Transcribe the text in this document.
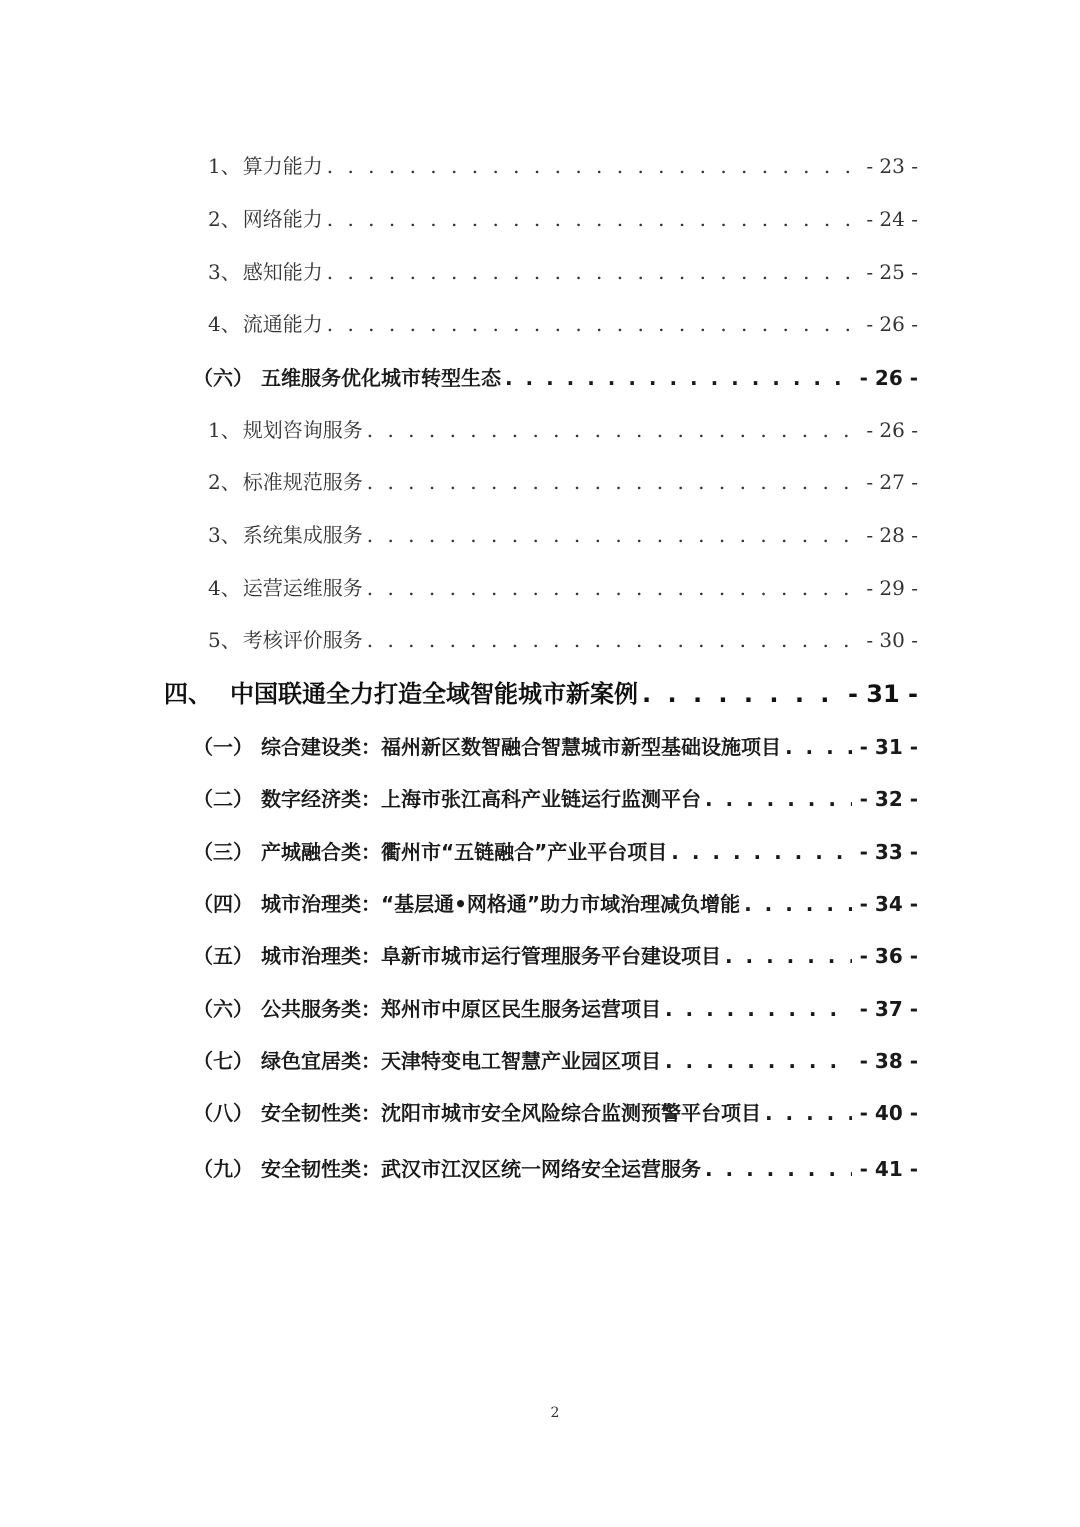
1、 算力能力 . . .	- 23 -
2、 网络能力 . . .	- 24 -
3、 感知能力 . . .	- 25 -
4、 流通能力 . . .	- 26 -
（六） 五维服务优化城市转型生态 . . .	- 26 -
1、 规划咨询服务 . . .	- 26 -
2、 标准规范服务 . . .	- 27 -
3、 系统集成服务 . . .	- 28 -
4、 运营运维服务 . . .	- 29 -
5、 考核评价服务 . . .	- 30 -
四、 中国联通全力打造全域智能城市新案例 . . .	- 31 -
（一） 综合建设类：福州新区数智融合智慧城市新型基础设施项目 . . .	- 31 -
（二） 数字经济类：上海市张江高科产业链运行监测平台 . . .	- 32 -
（三） 产城融合类：衢州市“五链融合”产业平台项目 . . .	- 33 -
（四） 城市治理类：“基层通•网格通”助力市域治理减负增能 . . .	- 34 -
（五） 城市治理类：阜新市城市运行管理服务平台建设项目 . . .	- 36 -
（六） 公共服务类：郑州市中原区民生服务运营项目 . . .	- 37 -
（七） 绿色宜居类：天津特变电工智慧产业园区项目 . . .	- 38 -
（八） 安全韧性类：沈阳市城市安全风险综合监测预警平台项目 . . .	- 40 -
（九） 安全韧性类：武汉市江汉区统一网络安全运营服务 . . .	- 41 -
2
